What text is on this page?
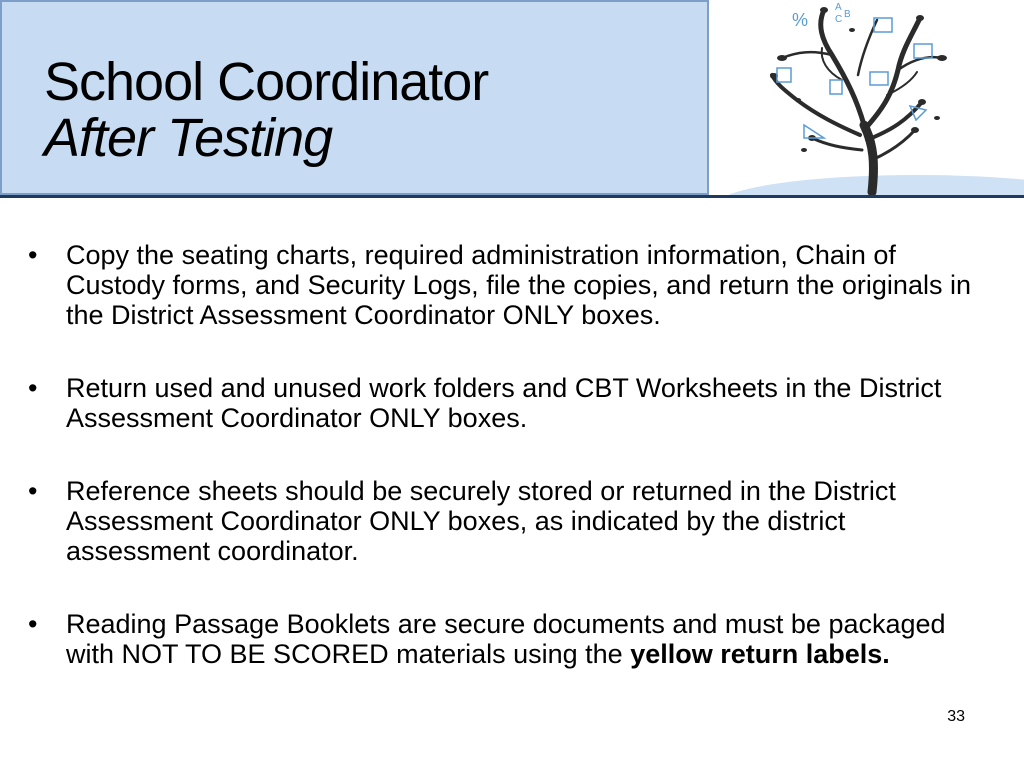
School Coordinator
After Testing
%
A
C B
• Copy the seating charts, required administration information, Chain of Custody forms, and Security Logs, file the copies, and return the originals in the District Assessment Coordinator ONLY boxes.
• Return used and unused work folders and CBT Worksheets in the District Assessment Coordinator ONLY boxes.
• Reference sheets should be securely stored or returned in the District Assessment Coordinator ONLY boxes, as indicated by the district assessment coordinator.
• Reading Passage Booklets are secure documents and must be packaged with NOT TO BE SCORED materials using the yellow return labels.
33
